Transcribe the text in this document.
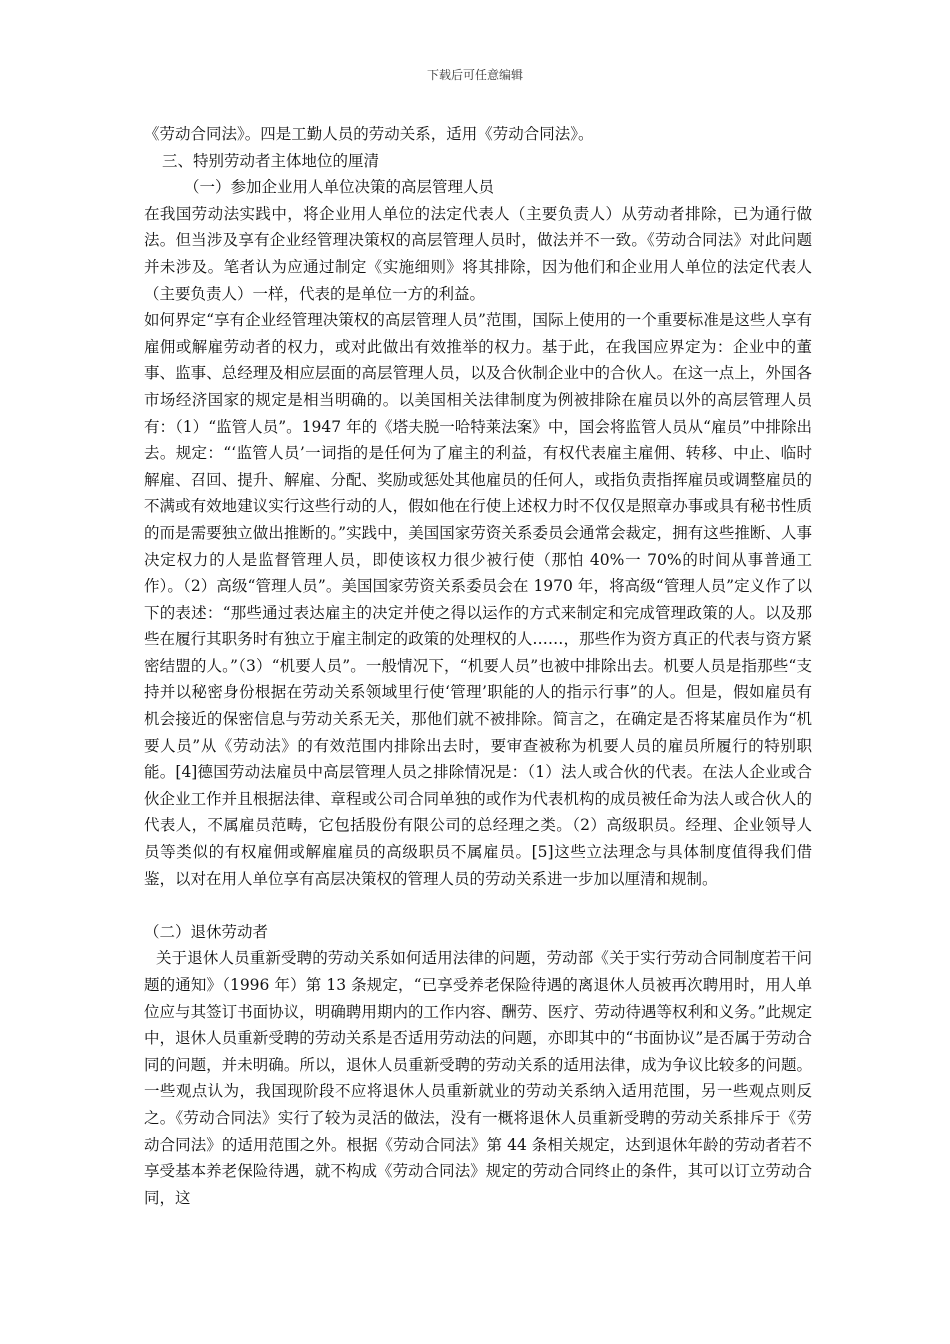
下载后可任意编辑

《劳动合同法》。四是工勤人员的劳动关系，适用《劳动合同法》。

三、特别劳动者主体地位的厘清

（一）参加企业用人单位决策的高层管理人员

在我国劳动法实践中，将企业用人单位的法定代表人（主要负责人）从劳动者排除，已为通行做法。但当涉及享有企业经管理决策权的高层管理人员时，做法并不一致。《劳动合同法》对此问题并未涉及。笔者认为应通过制定《实施细则》将其排除，因为他们和企业用人单位的法定代表人（主要负责人）一样，代表的是单位一方的利益。

如何界定“享有企业经管理决策权的高层管理人员”范围，国际上使用的一个重要标准是这些人享有雇佣或解雇劳动者的权力，或对此做出有效推举的权力。基于此，在我国应界定为：企业中的董事、监事、总经理及相应层面的高层管理人员，以及合伙制企业中的合伙人。在这一点上，外国各市场经济国家的规定是相当明确的。以美国相关法律制度为例被排除在雇员以外的高层管理人员有：（1）“监管人员”。1947 年的《塔夫脱一哈特莱法案》中，国会将监管人员从“雇员”中排除出去。规定：“‘监管人员’一词指的是任何为了雇主的利益，有权代表雇主雇佣、转移、中止、临时解雇、召回、提升、解雇、分配、奖励或惩处其他雇员的任何人，或指负责指挥雇员或调整雇员的不满或有效地建议实行这些行动的人，假如他在行使上述权力时不仅仅是照章办事或具有秘书性质的而是需要独立做出推断的。”实践中，美国国家劳资关系委员会通常会裁定，拥有这些推断、人事决定权力的人是监督管理人员，即使该权力很少被行使（那怕 40%一 70%的时间从事普通工作）。（2）高级“管理人员”。美国国家劳资关系委员会在 1970 年，将高级“管理人员”定义作了以下的表述：“那些通过表达雇主的决定并使之得以运作的方式来制定和完成管理政策的人。以及那些在履行其职务时有独立于雇主制定的政策的处理权的人……，那些作为资方真正的代表与资方紧密结盟的人。”（3）“机要人员”。一般情况下，“机要人员”也被中排除出去。机要人员是指那些“支持并以秘密身份根据在劳动关系领域里行使‘管理’职能的人的指示行事”的人。但是，假如雇员有机会接近的保密信息与劳动关系无关，那他们就不被排除。简言之，在确定是否将某雇员作为“机要人员”从《劳动法》的有效范围内排除出去时，要审查被称为机要人员的雇员所履行的特别职能。[4]德国劳动法雇员中高层管理人员之排除情况是：（1）法人或合伙的代表。在法人企业或合伙企业工作并且根据法律、章程或公司合同单独的或作为代表机构的成员被任命为法人或合伙人的代表人，不属雇员范畴，它包括股份有限公司的总经理之类。（2）高级职员。经理、企业领导人员等类似的有权雇佣或解雇雇员的高级职员不属雇员。[5]这些立法理念与具体制度值得我们借鉴，以对在用人单位享有高层决策权的管理人员的劳动关系进一步加以厘清和规制。

（二）退休劳动者

关于退休人员重新受聘的劳动关系如何适用法律的问题，劳动部《关于实行劳动合同制度若干问题的通知》（1996 年）第 13 条规定，“已享受养老保险待遇的离退休人员被再次聘用时，用人单位应与其签订书面协议，明确聘用期内的工作内容、酬劳、医疗、劳动待遇等权利和义务。”此规定中，退休人员重新受聘的劳动关系是否适用劳动法的问题，亦即其中的“书面协议”是否属于劳动合同的问题，并未明确。所以，退休人员重新受聘的劳动关系的适用法律，成为争议比较多的问题。一些观点认为，我国现阶段不应将退休人员重新就业的劳动关系纳入适用范围，另一些观点则反之。《劳动合同法》实行了较为灵活的做法，没有一概将退休人员重新受聘的劳动关系排斥于《劳动合同法》的适用范围之外。根据《劳动合同法》第 44 条相关规定，达到退休年龄的劳动者若不享受基本养老保险待遇，就不构成《劳动合同法》规定的劳动合同终止的条件，其可以订立劳动合同，这
